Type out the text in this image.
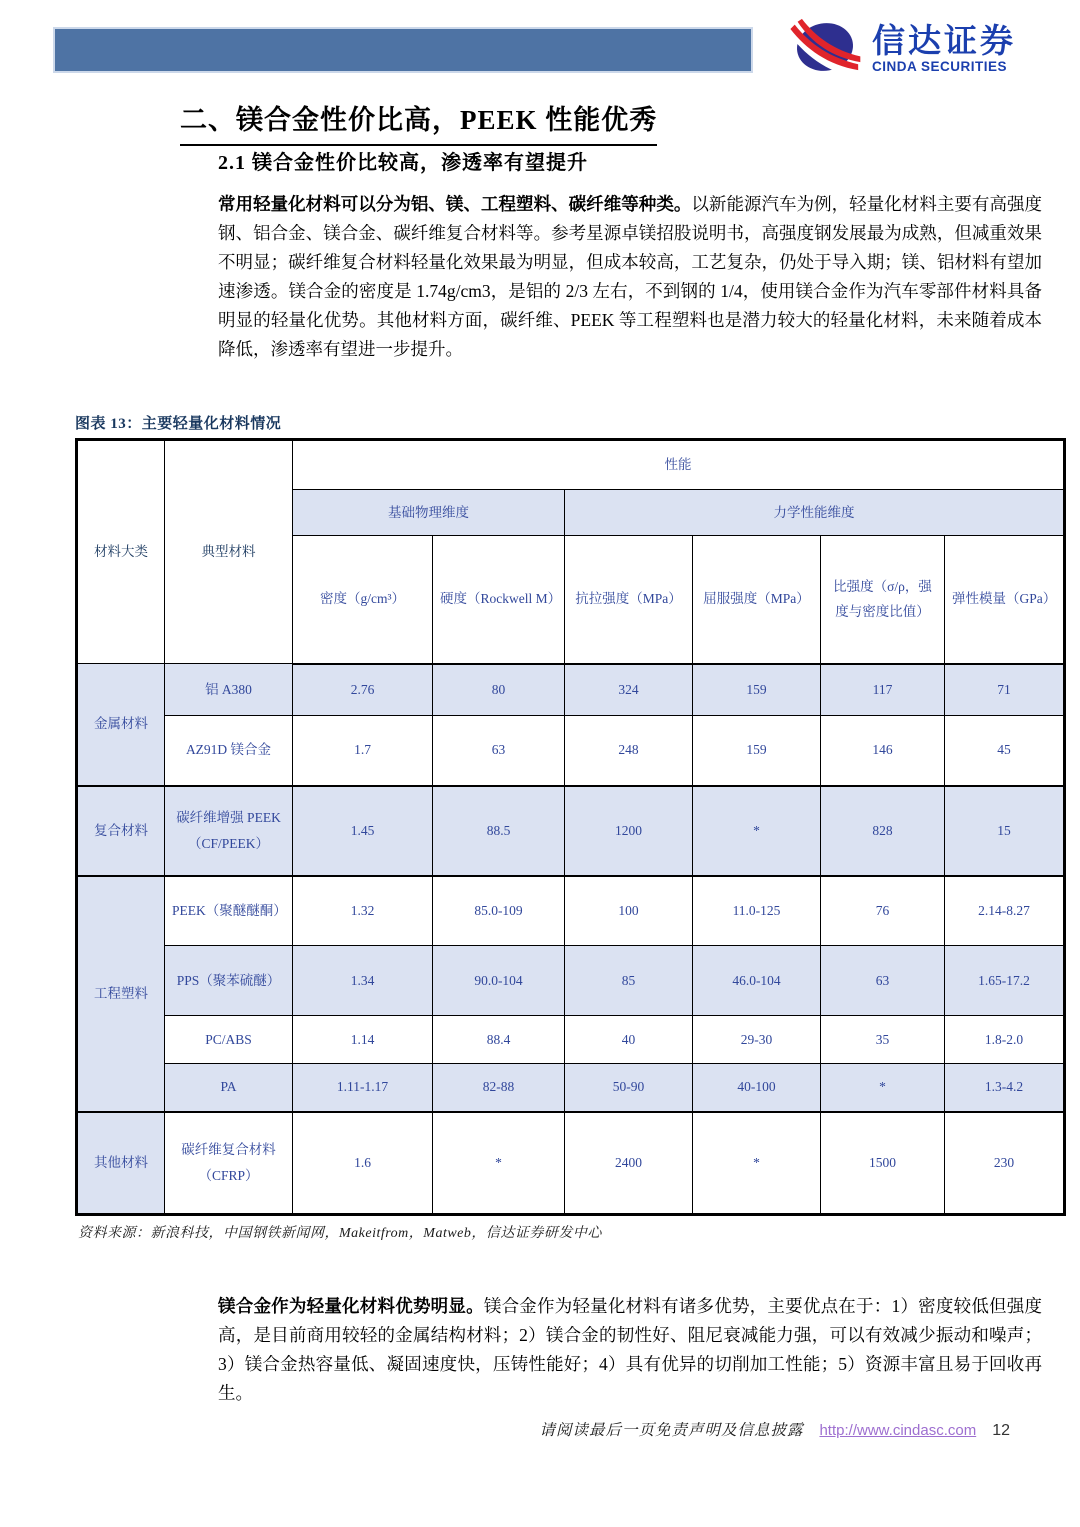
信达证券
CINDA SECURITIES
二、镁合金性价比高，PEEK 性能优秀
2.1 镁合金性价比较高，渗透率有望提升
常用轻量化材料可以分为铝、镁、工程塑料、碳纤维等种类。以新能源汽车为例，轻量化材料主要有高强度钢、铝合金、镁合金、碳纤维复合材料等。参考星源卓镁招股说明书，高强度钢发展最为成熟，但减重效果不明显；碳纤维复合材料轻量化效果最为明显，但成本较高，工艺复杂，仍处于导入期；镁、铝材料有望加速渗透。镁合金的密度是 1.74g/cm3，是铝的 2/3 左右，不到钢的 1/4，使用镁合金作为汽车零部件材料具备明显的轻量化优势。其他材料方面，碳纤维、PEEK 等工程塑料也是潜力较大的轻量化材料，未来随着成本降低，渗透率有望进一步提升。
图表 13：主要轻量化材料情况
材料大类	典型材料	性能					
		基础物理维度		力学性能维度			
		密度（g/cm³）	硬度（Rockwell M）	抗拉强度（MPa）	屈服强度（MPa）	比强度（σ/ρ，强度与密度比值）	弹性模量（GPa）
金属材料	铝 A380	2.76	80	324	159	117	71
	AZ91D 镁合金	1.7	63	248	159	146	45
复合材料	碳纤维增强 PEEK（CF/PEEK）	1.45	88.5	1200	*	828	15
工程塑料	PEEK（聚醚醚酮）	1.32	85.0-109	100	11.0-125	76	2.14-8.27
	PPS（聚苯硫醚）	1.34	90.0-104	85	46.0-104	63	1.65-17.2
	PC/ABS	1.14	88.4	40	29-30	35	1.8-2.0
	PA	1.11-1.17	82-88	50-90	40-100	*	1.3-4.2
其他材料	碳纤维复合材料（CFRP）	1.6	*	2400	*	1500	230
资料来源：新浪科技，中国钢铁新闻网，Makeitfrom，Matweb，信达证券研发中心
镁合金作为轻量化材料优势明显。镁合金作为轻量化材料有诸多优势，主要优点在于：1）密度较低但强度高，是目前商用较轻的金属结构材料；2）镁合金的韧性好、阻尼衰减能力强，可以有效减少振动和噪声；3）镁合金热容量低、凝固速度快，压铸性能好；4）具有优异的切削加工性能；5）资源丰富且易于回收再生。
请阅读最后一页免责声明及信息披露 http://www.cindasc.com 12
